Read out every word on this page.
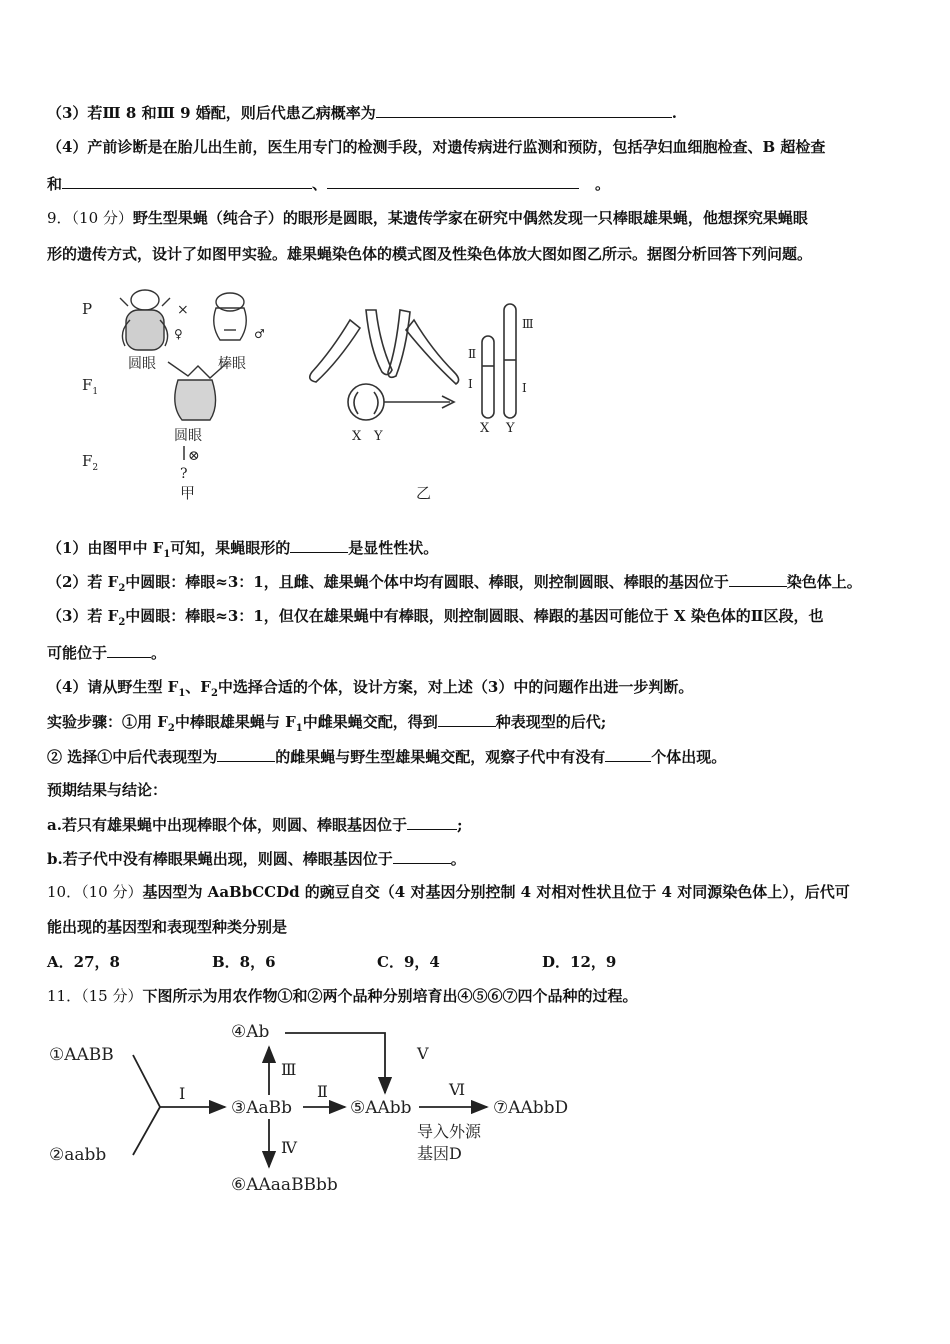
（3）若Ⅲ 8 和Ⅲ 9 婚配，则后代患乙病概率为	.
（4）产前诊断是在胎儿出生前，医生用专门的检测手段，对遗传病进行监测和预防，包括孕妇血细胞检查、B 超检查
和	、	。
9．（10 分）野生型果蝇（纯合子）的眼形是圆眼，某遗传学家在研究中偶然发现一只棒眼雄果蝇，他想探究果蝇眼
形的遗传方式，设计了如图甲实验。雄果蝇染色体的模式图及性染色体放大图如图乙所示。据图分析回答下列问题。
P
$F_1$
$F_2$
圆眼
×
♀	♂
棒眼
圆眼
⊗
?
甲
X Y
Ⅱ
Ⅰ
Ⅲ
Ⅰ
X Y
乙
（1）由图甲中 $F_1$可知，果蝇眼形的	是显性性状。
（2）若 $F_2$中圆眼：棒眼≈3：1，且雌、雄果蝇个体中均有圆眼、棒眼，则控制圆眼、棒眼的基因位于	染色体上。
（3）若 $F_2$中圆眼：棒眼≈3：1，但仅在雄果蝇中有棒眼，则控制圆眼、棒跟的基因可能位于 X 染色体的Ⅱ区段，也
可能位于	。
（4）请从野生型 $F_1$、$F_2$中选择合适的个体，设计方案，对上述（3）中的问题作出进一步判断。
实验步骤：①用 $F_2$中棒眼雄果蝇与 $F_1$中雌果蝇交配，得到	种表现型的后代;
② 选择①中后代表现型为	的雌果蝇与野生型雄果蝇交配，观察子代中有没有	个体出现。
预期结果与结论：
a.若只有雄果蝇中出现棒眼个体，则圆、棒眼基因位于	;
b.若子代中没有棒眼果蝇出现，则圆、棒眼基因位于	。
10．（10 分）基因型为 AaBbCCDd 的豌豆自交（4 对基因分别控制 4 对相对性状且位于 4 对同源染色体上），后代可
能出现的基因型和表现型种类分别是
A．27，8	B．8，6	C．9，4	D．12，9
11．（15 分）下图所示为用农作物①和②两个品种分别培育出④⑤⑥⑦四个品种的过程。
①AABB
②aabb
③AaBb
④Ab
⑤AAbb
⑥AAaaBBbb
⑦AAbbD
Ⅰ	Ⅱ
Ⅲ
Ⅳ
Ⅴ
Ⅵ
导入外源
基因D
